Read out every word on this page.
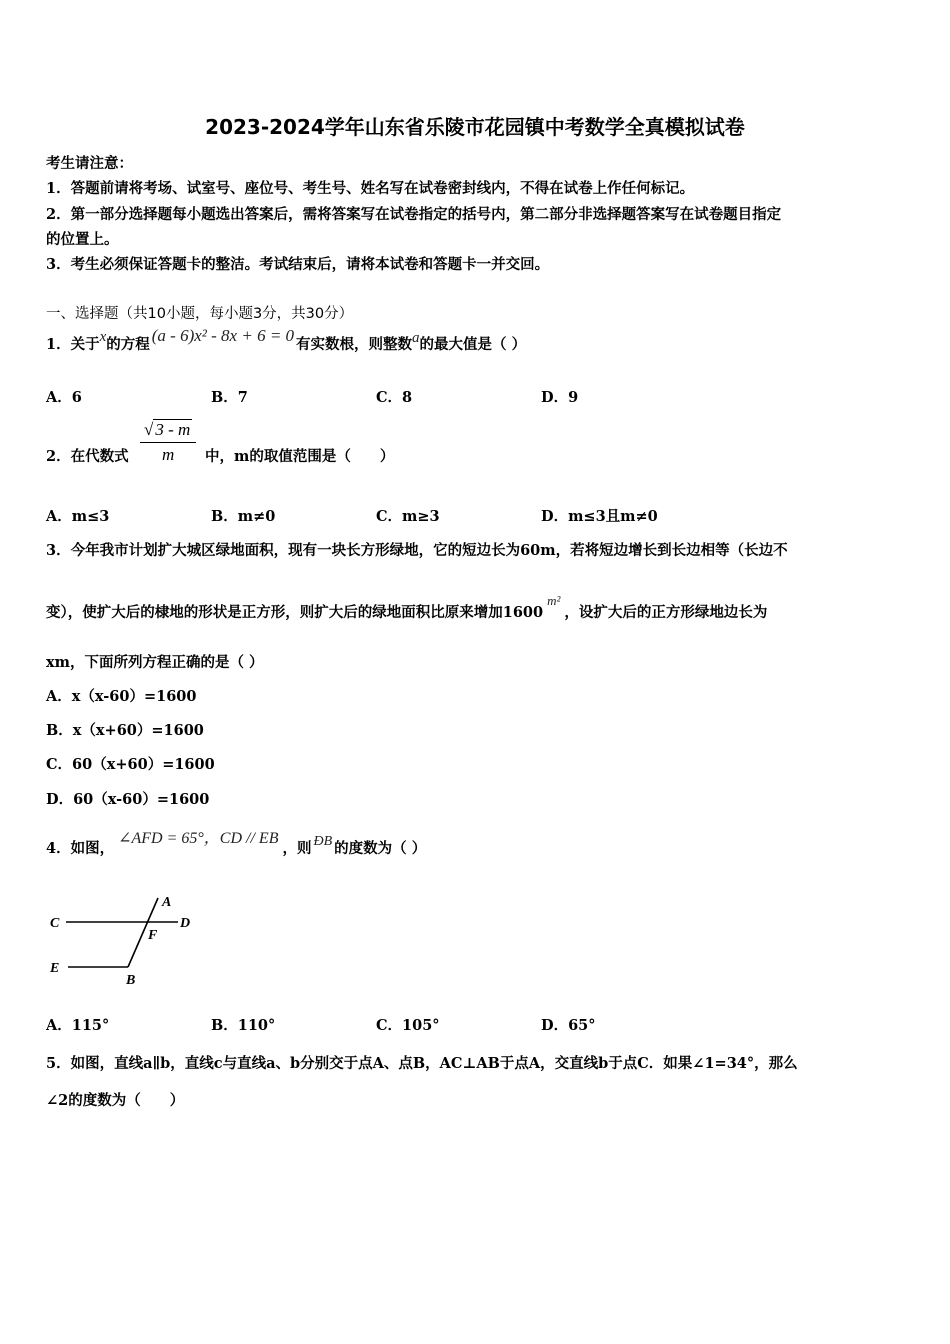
2023-2024学年山东省乐陵市花园镇中考数学全真模拟试卷
考生请注意：
1．答题前请将考场、试室号、座位号、考生号、姓名写在试卷密封线内，不得在试卷上作任何标记。
2．第一部分选择题每小题选出答案后，需将答案写在试卷指定的括号内，第二部分非选择题答案写在试卷题目指定
的位置上。
3．考生必须保证答题卡的整洁。考试结束后，请将本试卷和答题卡一并交回。
一、选择题（共10小题，每小题3分，共30分）
1．关于x的方程 (a - 6)x² - 8x + 6 = 0 有实数根，则整数a的最大值是（ ）
A．6	B．7	C．8	D．9
2．在代数式 $\frac{√ 3 - m}{m}$ 中，m的取值范围是（　　）
A．m≤3	B．m≠0	C．m≥3	D．m≤3且m≠0
3．今年我市计划扩大城区绿地面积，现有一块长方形绿地，它的短边长为60m，若将短边增长到长边相等（长边不
变），使扩大后的棣地的形状是正方形，则扩大后的绿地面积比原来增加1600m²，设扩大后的正方形绿地边长为
xm，下面所列方程正确的是（ ）
A．x（x-60）=1600
B．x（x+60）=1600
C．60（x+60）=1600
D．60（x-60）=1600
4．如图，∠AFD = 65°，CD // EB，则 ÐB 的度数为（ ）
A
C	D
F
E
B
A．115°	B．110°	C．105°	D．65°
5．如图，直线a∥b，直线c与直线a、b分别交于点A、点B，AC⊥AB于点A，交直线b于点C．如果∠1=34°，那么
∠2的度数为（　　）
